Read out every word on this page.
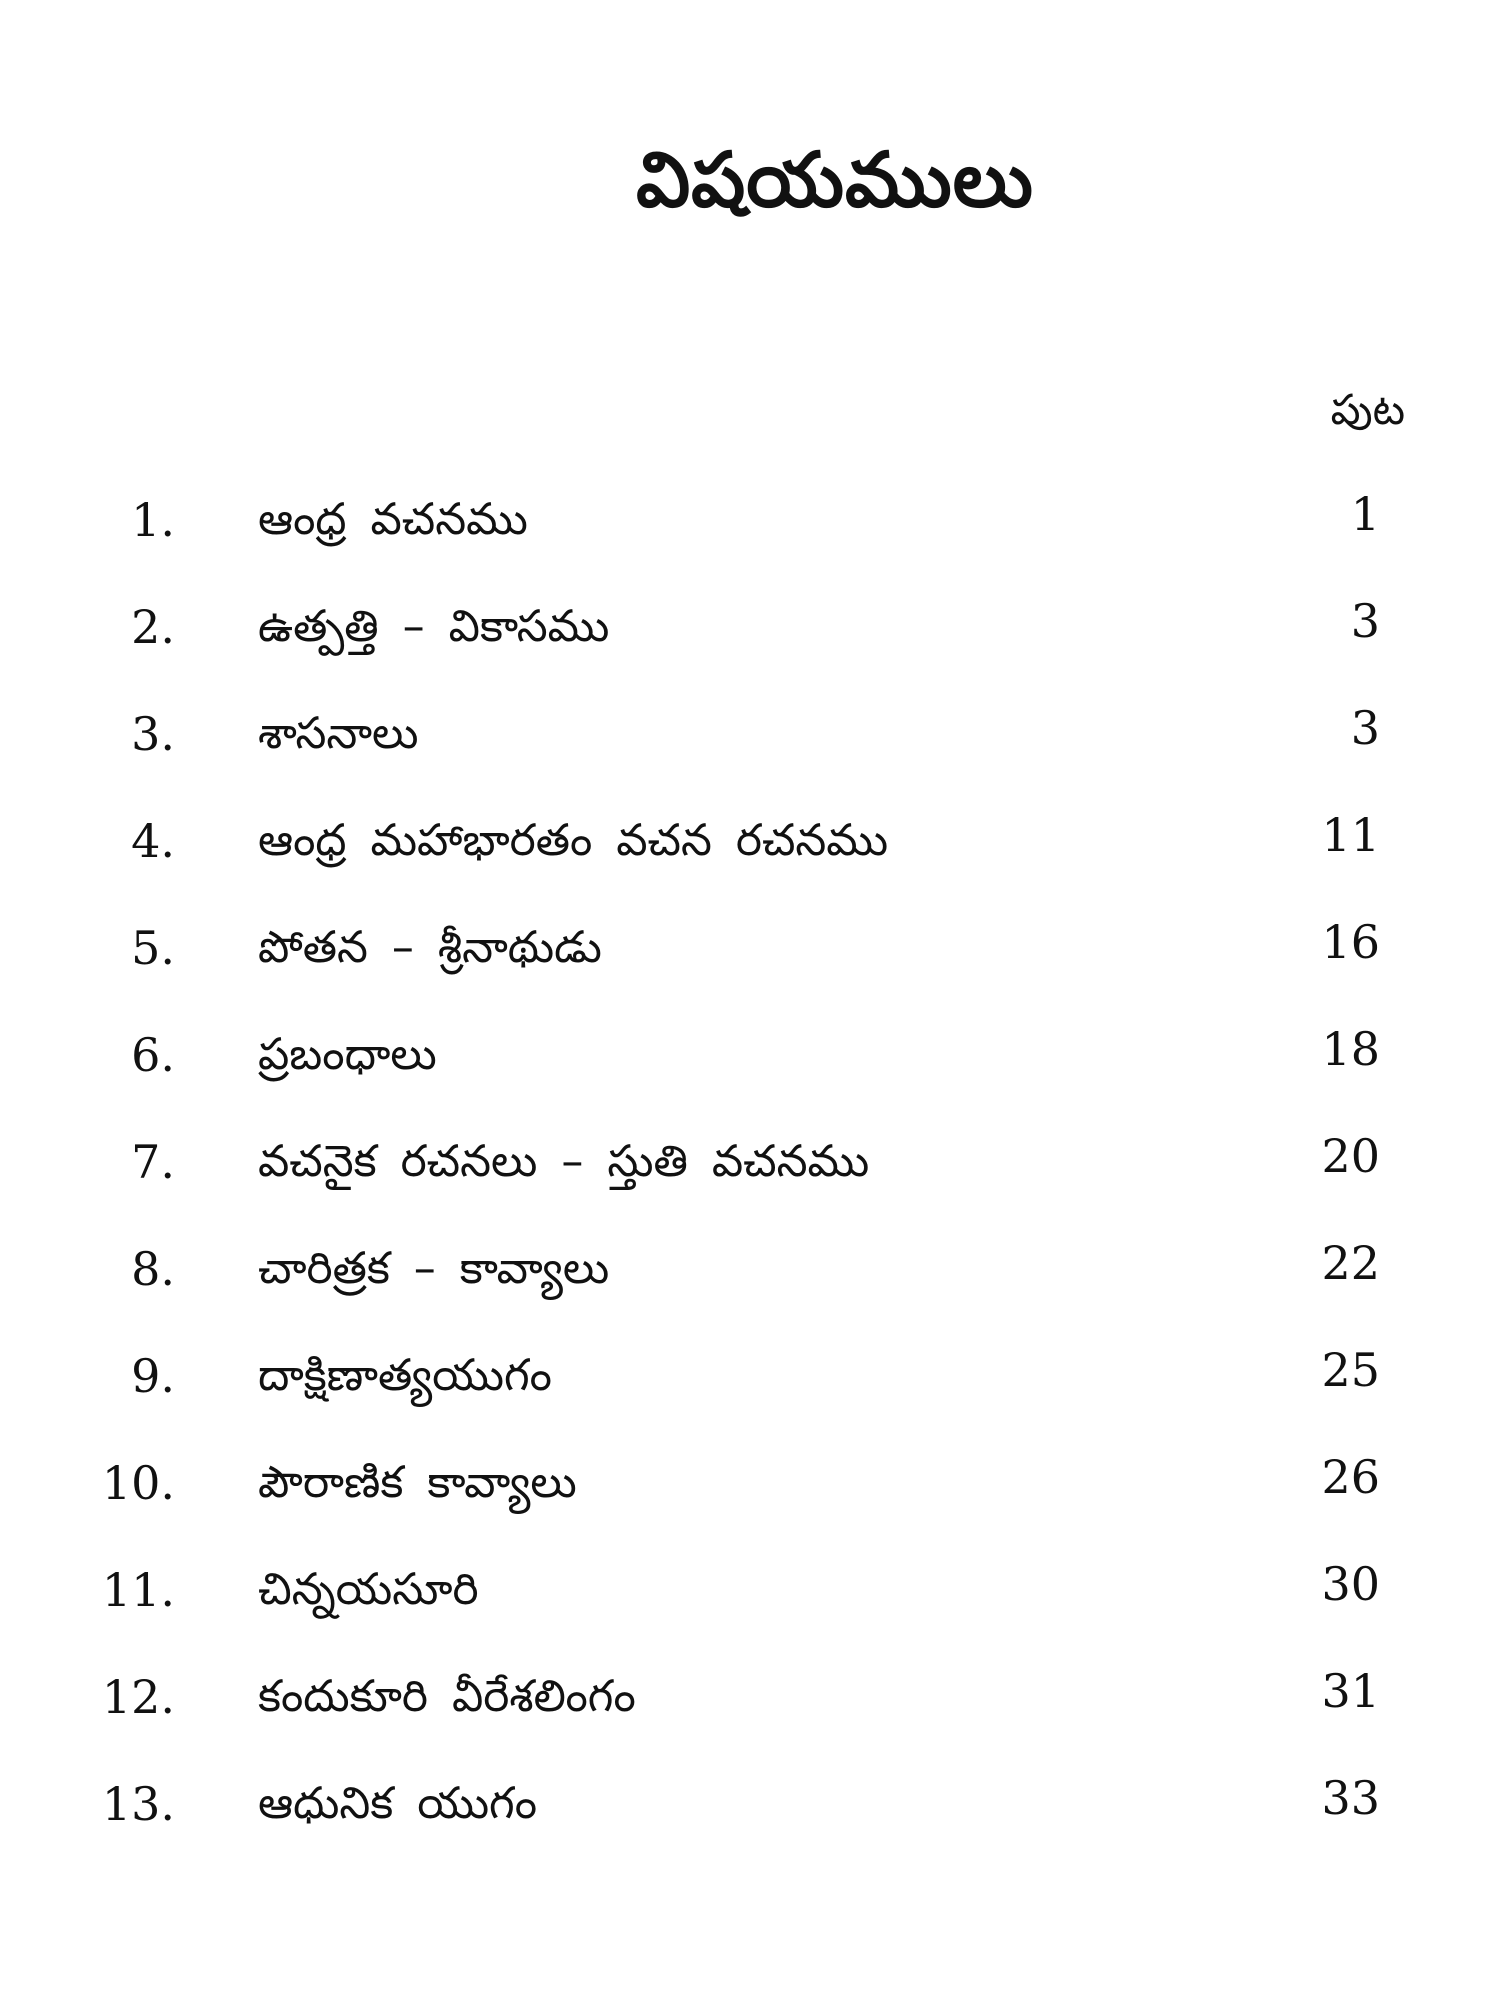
విషయములు
పుట
1. ఆంధ్ర వచనము	1
2. ఉత్పత్తి – వికాసము	3
3. శాసనాలు	3
4. ఆంధ్ర మహాభారతం వచన రచనము	11
5. పోతన – శ్రీనాథుడు	16
6. ప్రబంధాలు	18
7. వచనైక రచనలు – స్తుతి వచనము	20
8. చారిత్రక – కావ్యాలు	22
9. దాక్షిణాత్యయుగం	25
10. పౌరాణిక కావ్యాలు	26
11. చిన్నయసూరి	30
12. కందుకూరి వీరేశలింగం	31
13. ఆధునిక యుగం	33
